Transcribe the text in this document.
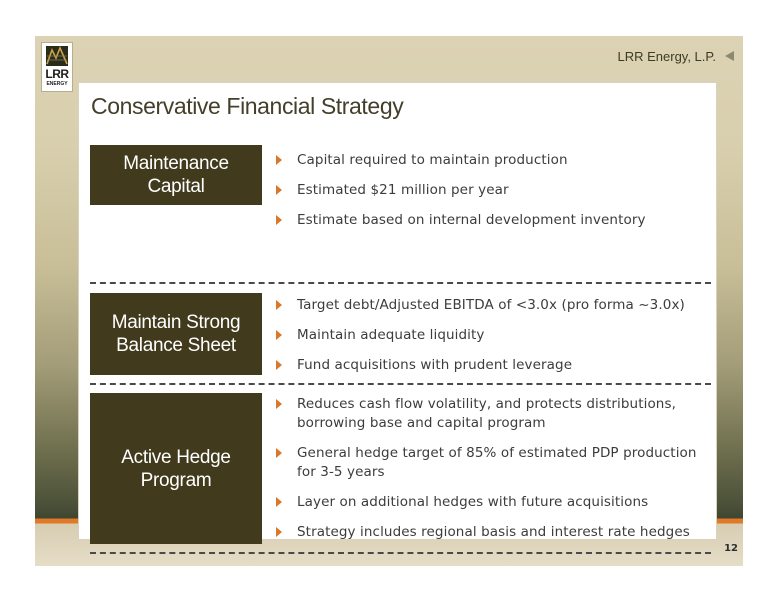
LRR
ENERGY
LRR Energy, L.P.
Conservative Financial Strategy
Maintenance
Capital
Capital required to maintain production
Estimated $21 million per year
Estimate based on internal development inventory
Maintain Strong
Balance Sheet
Target debt/Adjusted EBITDA of <3.0x (pro forma ~3.0x)
Maintain adequate liquidity
Fund acquisitions with prudent leverage
Active Hedge
Program
Reduces cash flow volatility, and protects distributions, borrowing base and capital program
General hedge target of 85% of estimated PDP production for 3-5 years
Layer on additional hedges with future acquisitions
Strategy includes regional basis and interest rate hedges
12
